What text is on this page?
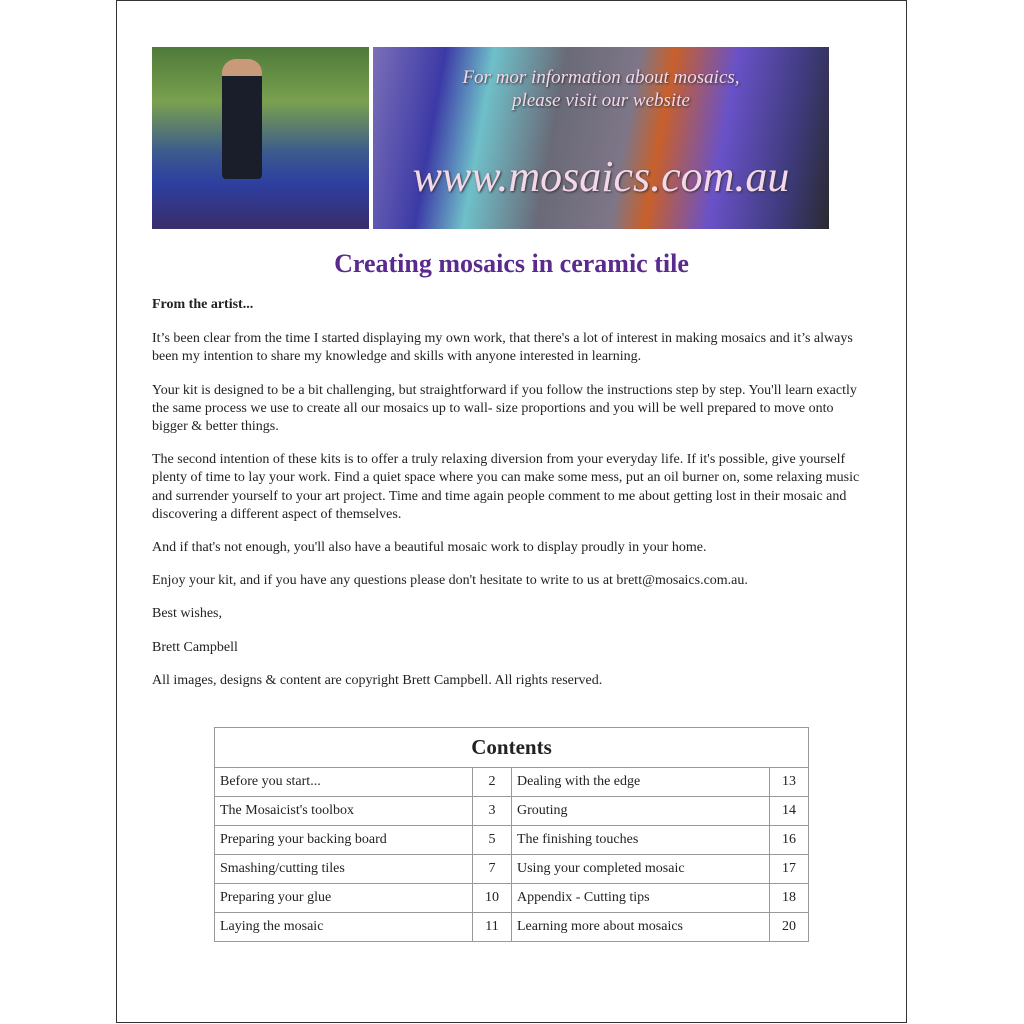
For mor information about mosaics,
please visit our website
www.mosaics.com.au
Creating mosaics in ceramic tile

From the artist...

It’s been clear from the time I started displaying my own work, that there's a lot of interest in making mosaics and it’s always been my intention to share my knowledge and skills with anyone interested in learning.

Your kit is designed to be a bit challenging, but straightforward if you follow the instructions step by step. You'll learn exactly the same process we use to create all our mosaics up to wall- size proportions and you will be well prepared to move onto bigger & better things.

The second intention of these kits is to offer a truly relaxing diversion from your everyday life. If it's possible, give yourself plenty of time to lay your work. Find a quiet space where you can make some mess, put an oil burner on, some relaxing music and surrender yourself to your art project. Time and time again people comment to me about getting lost in their mosaic and discovering a different aspect of themselves.

And if that's not enough, you'll also have a beautiful mosaic work to display proudly in your home.

Enjoy your kit, and if you have any questions please don't hesitate to write to us at brett@mosaics.com.au.

Best wishes,

Brett Campbell

All images, designs & content are copyright Brett Campbell. All rights reserved.

Contents			
Before you start...	2	Dealing with the edge	13
The Mosaicist's toolbox	3	Grouting	14
Preparing your backing board	5	The finishing touches	16
Smashing/cutting tiles	7	Using your completed mosaic	17
Preparing your glue	10	Appendix - Cutting tips	18
Laying the mosaic	11	Learning more about mosaics	20
